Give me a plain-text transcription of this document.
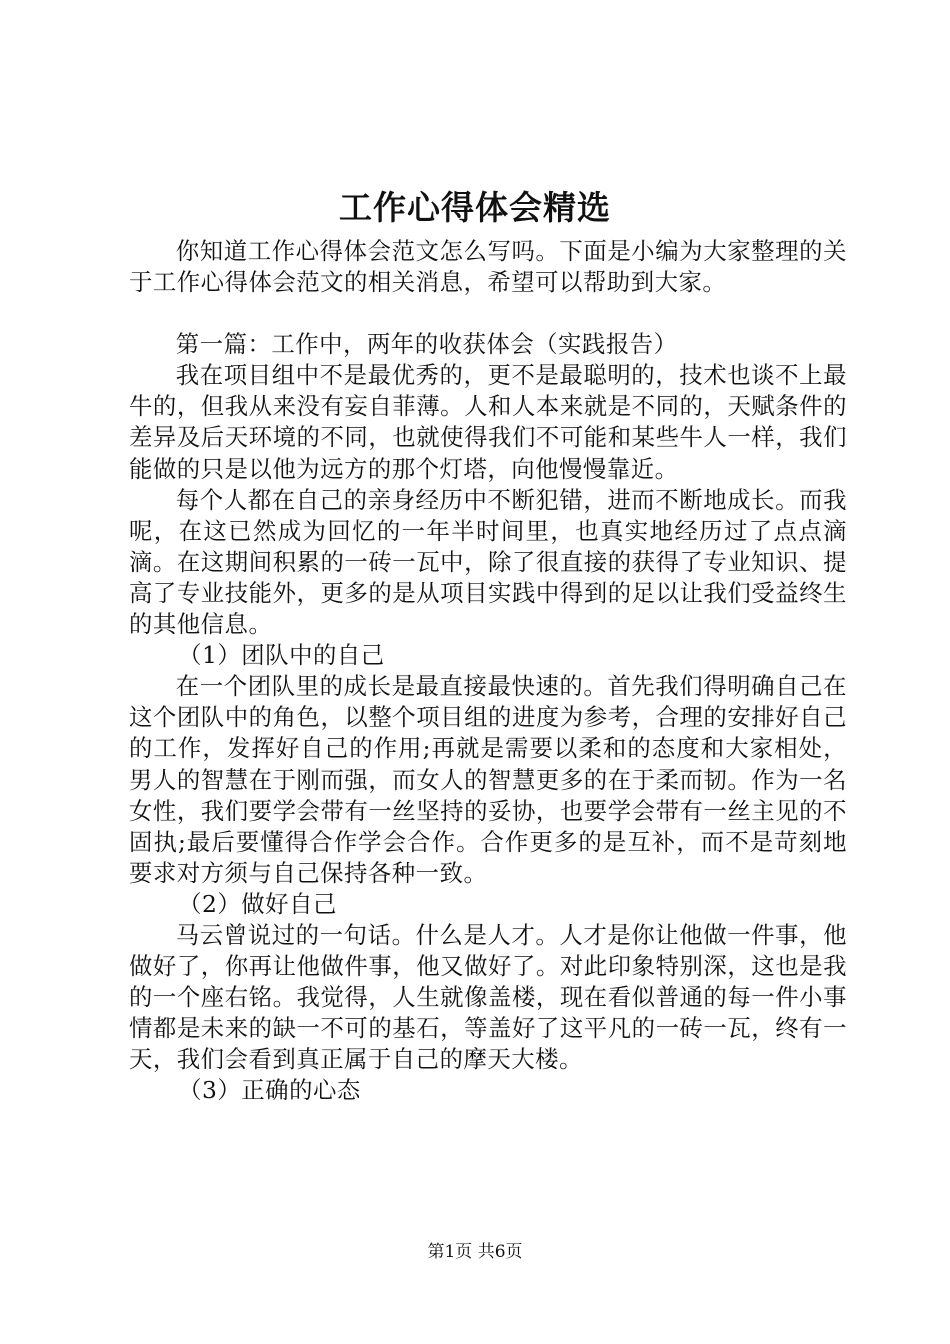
工作心得体会精选

你知道工作心得体会范文怎么写吗。下面是小编为大家整理的关于工作心得体会范文的相关消息，希望可以帮助到大家。

第一篇：工作中，两年的收获体会（实践报告）

我在项目组中不是最优秀的，更不是最聪明的，技术也谈不上最牛的，但我从来没有妄自菲薄。人和人本来就是不同的，天赋条件的差异及后天环境的不同，也就使得我们不可能和某些牛人一样，我们能做的只是以他为远方的那个灯塔，向他慢慢靠近。

每个人都在自己的亲身经历中不断犯错，进而不断地成长。而我呢，在这已然成为回忆的一年半时间里，也真实地经历过了点点滴滴。在这期间积累的一砖一瓦中，除了很直接的获得了专业知识、提高了专业技能外，更多的是从项目实践中得到的足以让我们受益终生的其他信息。

（1）团队中的自己

在一个团队里的成长是最直接最快速的。首先我们得明确自己在这个团队中的角色，以整个项目组的进度为参考，合理的安排好自己的工作，发挥好自己的作用;再就是需要以柔和的态度和大家相处，男人的智慧在于刚而强，而女人的智慧更多的在于柔而韧。作为一名女性，我们要学会带有一丝坚持的妥协，也要学会带有一丝主见的不固执;最后要懂得合作学会合作。合作更多的是互补，而不是苛刻地要求对方须与自己保持各种一致。

（2）做好自己

马云曾说过的一句话。什么是人才。人才是你让他做一件事，他做好了，你再让他做件事，他又做好了。对此印象特别深，这也是我的一个座右铭。我觉得，人生就像盖楼，现在看似普通的每一件小事情都是未来的缺一不可的基石，等盖好了这平凡的一砖一瓦，终有一天，我们会看到真正属于自己的摩天大楼。

（3）正确的心态

第1页 共6页
